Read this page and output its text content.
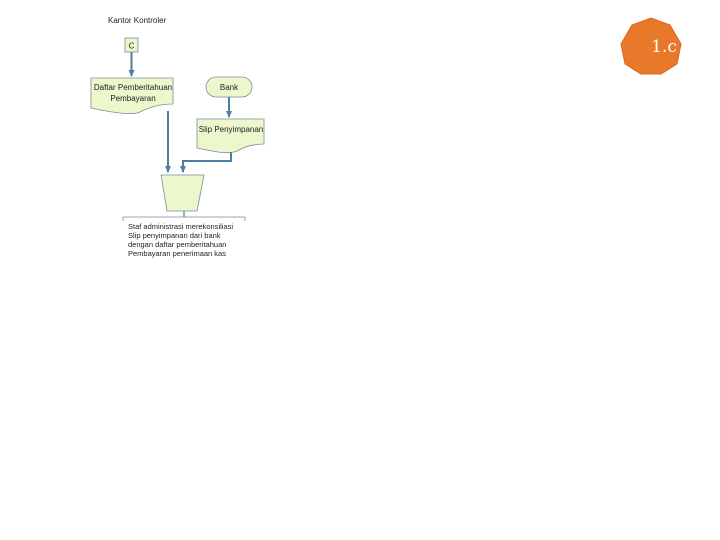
Kantor Kontroler
1.c
C
Daftar Pemberitahuan
Pembayaran
Bank
Slip Penyimpanan
Staf administrasi merekonsiliasi
Slip penyimpanan dari bank
dengan daftar pemberitahuan
Pembayaran penerimaan kas
